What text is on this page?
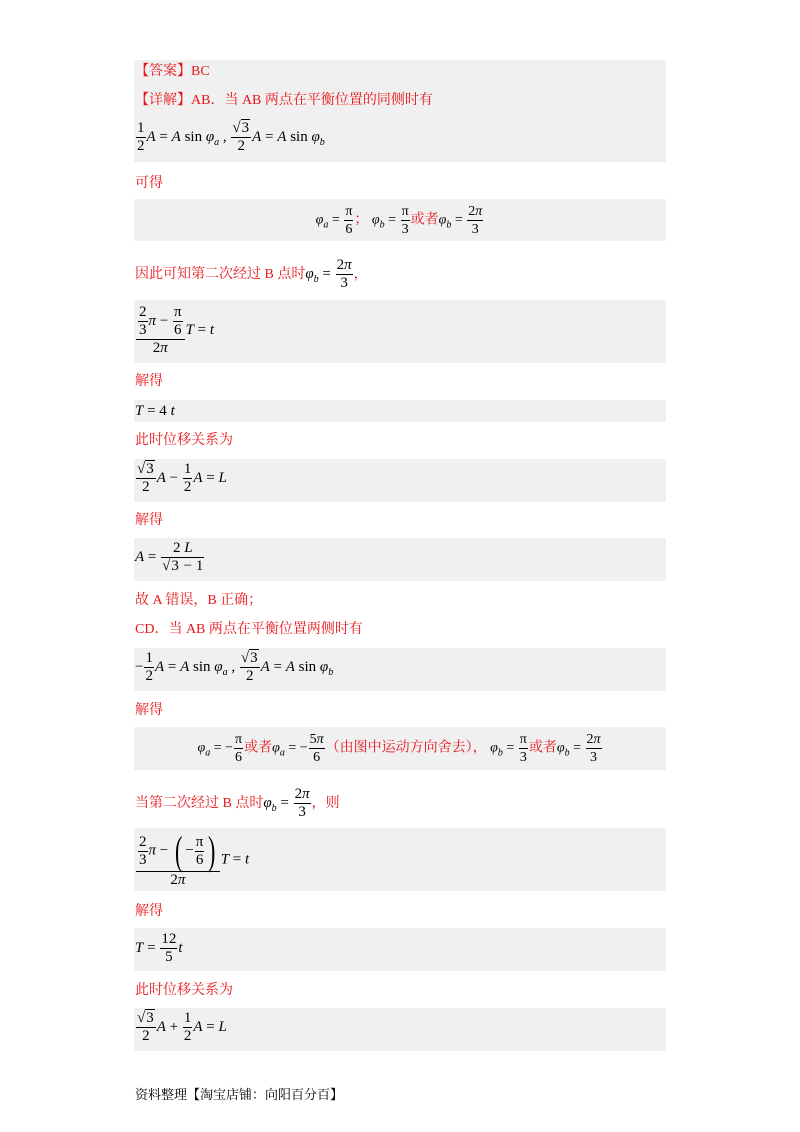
【答案】BC
【详解】AB．当 AB 两点在平衡位置的同侧时有
$\frac{1}{2}$ A = A $\sin \varphi_a$ , $\frac{√3}{2}$ A = A $\sin \varphi_b$
可得
$\varphi_a = \frac{\pi}{6}$ ； $\varphi_b = \frac{\pi}{3}$ 或者$\varphi_b = \frac{2\pi}{3}$
因此可知第二次经过 B 点时$\varphi_b = \frac{2\pi}{3}$ ，
$\frac{\frac{2}{3} \pi - \frac{\pi}{6}}{2\pi}$ T = t
解得
T = 4 t
此时位移关系为
$\frac{√3}{2}$ $A - \frac{1}{2}$ A = L
解得
$A = \frac{2 L}{√3 - 1}$
故 A 错误，B 正确；
CD．当 AB 两点在平衡位置两侧时有
− $\frac{1}{2}$ A = A $\sin \varphi_a$ , $\frac{√3}{2}$ A = A $\sin \varphi_b$
解得
$\varphi_a$ = − $\frac{\pi}{6}$ 或者$\varphi_a$ = − $\frac{5\pi}{6}$ （由图中运动方向舍去）， $\varphi_b = \frac{\pi}{3}$ 或者$\varphi_b = \frac{2\pi}{3}$
当第二次经过 B 点时$\varphi_b = \frac{2\pi}{3}$ ，则
$\frac{\frac{2}{3} \pi - ( - \frac{\pi}{6} )}{2\pi}$ T = t
解得
$T = \frac{12}{5}$ t
此时位移关系为
$\frac{√3}{2}$ $A + \frac{1}{2}$ A = L
资料整理【淘宝店铺：向阳百分百】
